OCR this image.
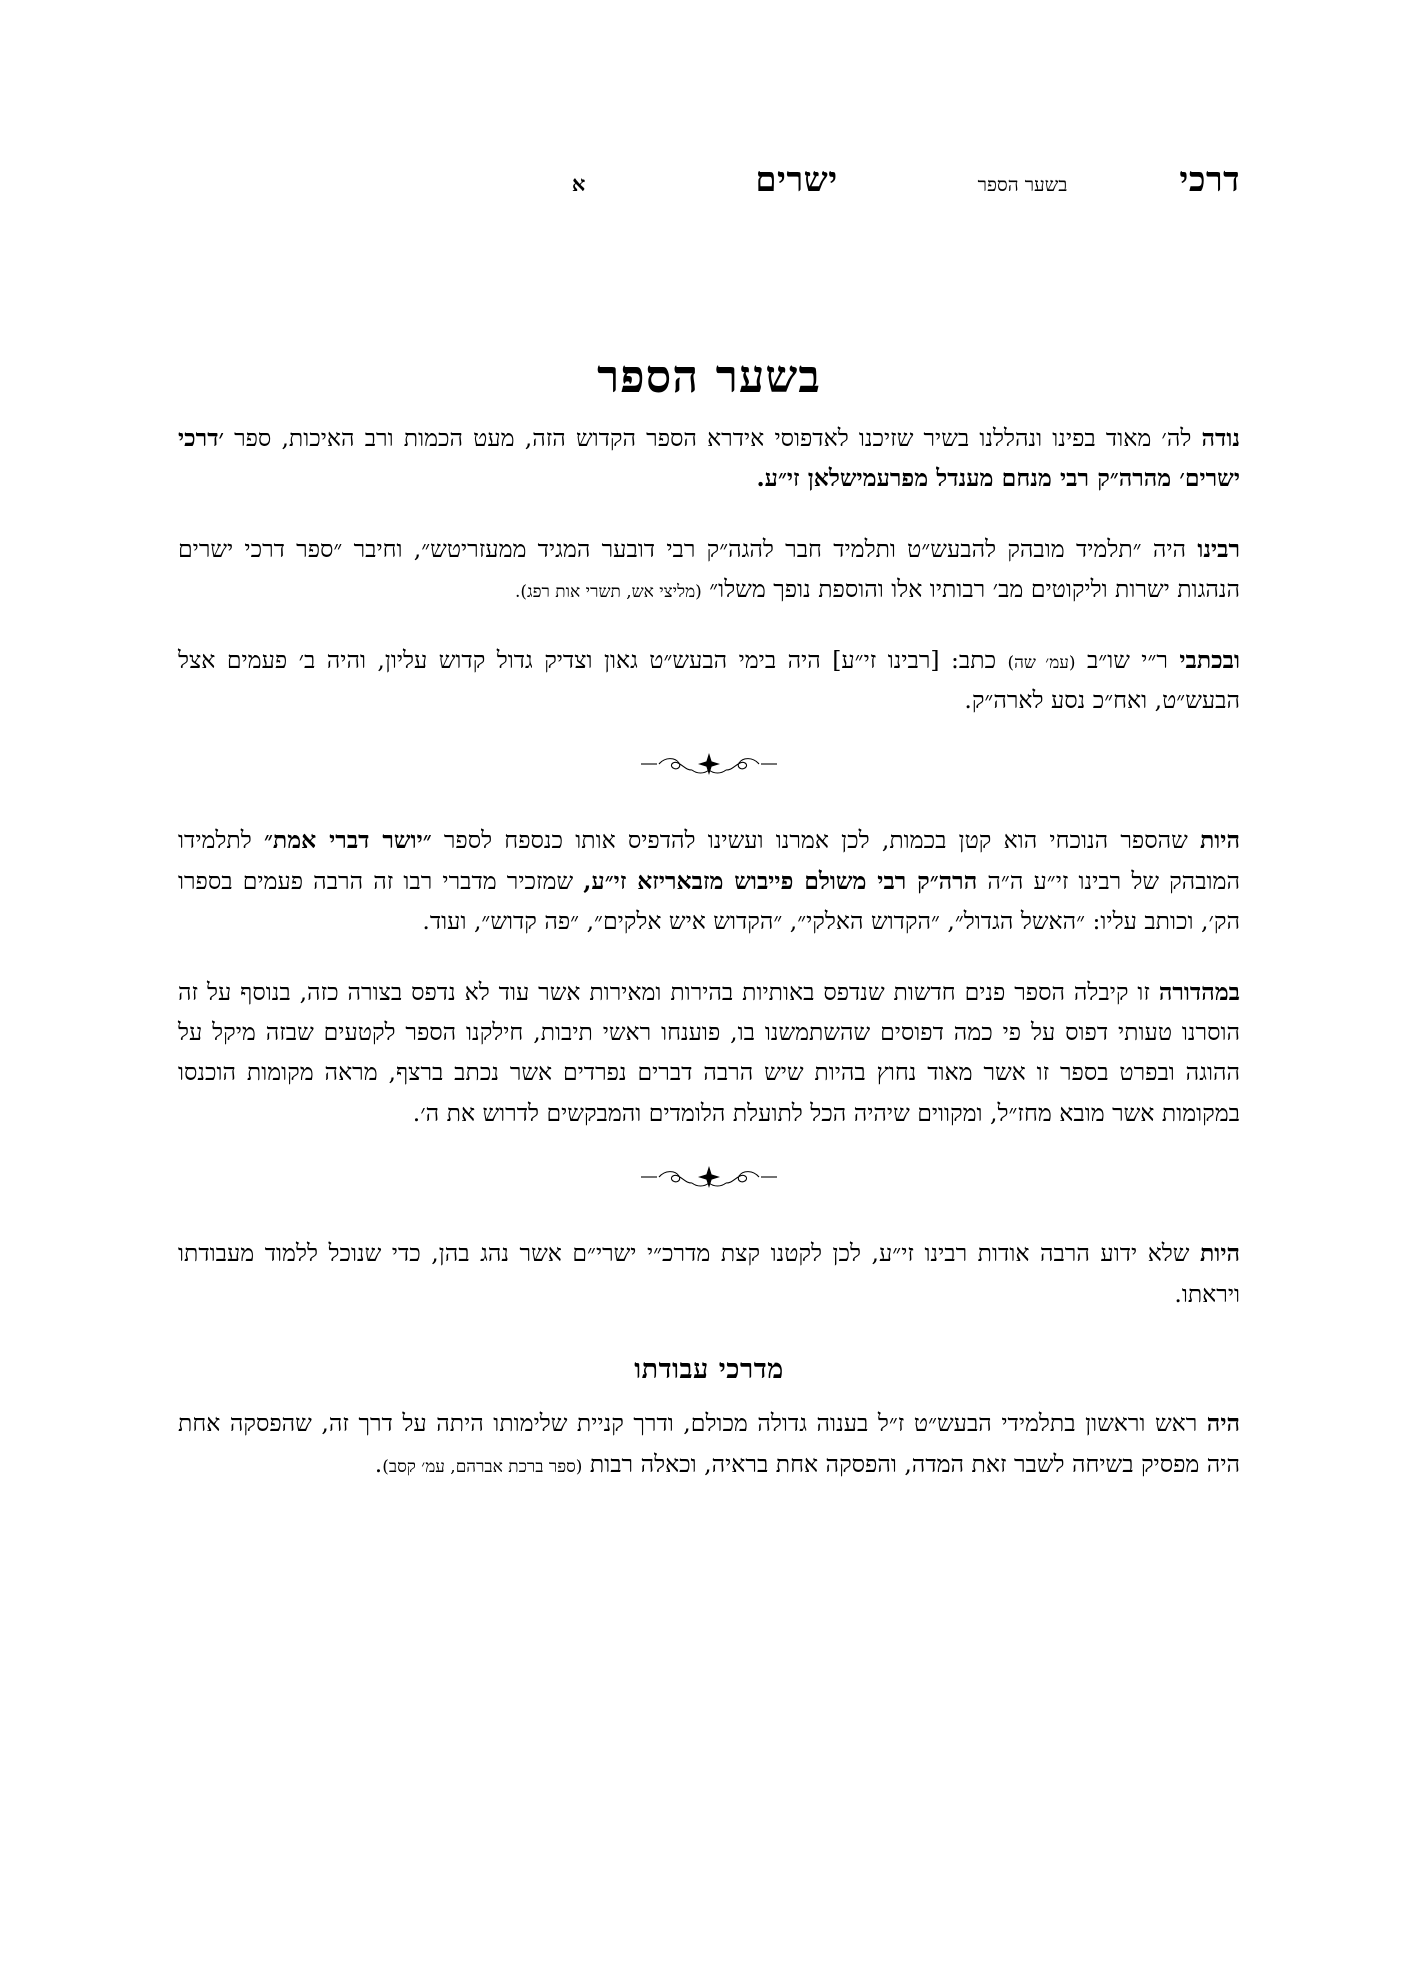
דרכי
בשער הספר
ישרים
א
בשער הספר

נודה לה׳ מאוד בפינו ונהללנו בשיר שזיכנו לאדפוסי אידרא הספר הקדוש הזה, מעט הכמות ורב האיכות, ספר ׳דרכי ישרים׳ מהרה״ק רבי מנחם מענדל מפרעמישלאן זי״ע.

רבינו היה ״תלמיד מובהק להבעש״ט ותלמיד חבר להגה״ק רבי דובער המגיד ממעזריטש״, וחיבר ״ספר דרכי ישרים הנהגות ישרות וליקוטים מב׳ רבותיו אלו והוספת נופך משלו״ (מליצי אש, תשרי אות רפג).

ובכתבי ר״י שו״ב (עמ׳ שה) כתב: [רבינו זי״ע] היה בימי הבעש״ט גאון וצדיק גדול קדוש עליון, והיה ב׳ פעמים אצל הבעש״ט, ואח״כ נסע לארה״ק.

היות שהספר הנוכחי הוא קטן בכמות, לכן אמרנו ועשינו להדפיס אותו כנספח לספר ״יושר דברי אמת״ לתלמידו המובהק של רבינו זי״ע ה״ה הרה״ק רבי משולם פייבוש מזבאריזא זי״ע, שמזכיר מדברי רבו זה הרבה פעמים בספרו הק׳, וכותב עליו: ״האשל הגדול״, ״הקדוש האלקי״, ״הקדוש איש אלקים״, ״פה קדוש״, ועוד.

במהדורה זו קיבלה הספר פנים חדשות שנדפס באותיות בהירות ומאירות אשר עוד לא נדפס בצורה כזה, בנוסף על זה הוסרנו טעותי דפוס על פי כמה דפוסים שהשתמשנו בו, פוענחו ראשי תיבות, חילקנו הספר לקטעים שבזה מיקל על ההוגה ובפרט בספר זו אשר מאוד נחוץ בהיות שיש הרבה דברים נפרדים אשר נכתב ברצף, מראה מקומות הוכנסו במקומות אשר מובא מחז״ל, ומקווים שיהיה הכל לתועלת הלומדים והמבקשים לדרוש את ה׳.

היות שלא ידוע הרבה אודות רבינו זי״ע, לכן לקטנו קצת מדרכ״י ישרי״ם אשר נהג בהן, כדי שנוכל ללמוד מעבודתו ויראתו.

מדרכי עבודתו

היה ראש וראשון בתלמידי הבעש״ט ז״ל בענוה גדולה מכולם, ודרך קניית שלימותו היתה על דרך זה, שהפסקה אחת היה מפסיק בשיחה לשבר זאת המדה, והפסקה אחת בראיה, וכאלה רבות (ספר ברכת אברהם, עמ׳ קסב).
